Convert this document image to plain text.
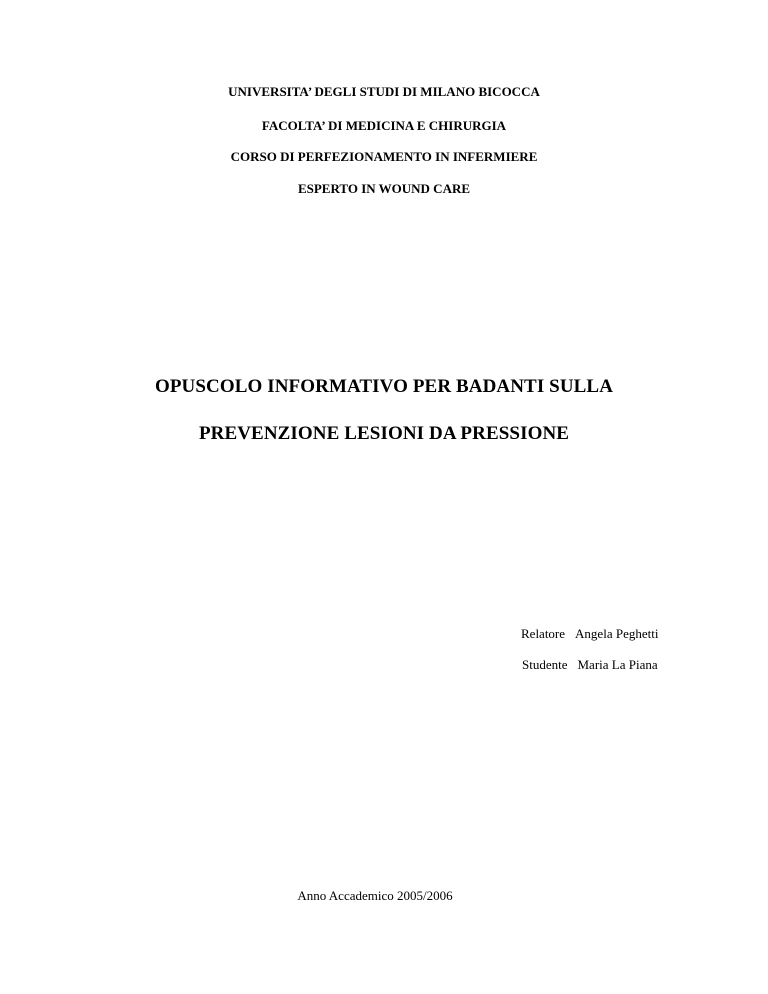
UNIVERSITA’ DEGLI STUDI DI MILANO BICOCCA
FACOLTA’ DI MEDICINA E CHIRURGIA
CORSO DI PERFEZIONAMENTO IN INFERMIERE
ESPERTO IN WOUND CARE
OPUSCOLO INFORMATIVO PER BADANTI SULLA
PREVENZIONE LESIONI DA PRESSIONE
Relatore Angela Peghetti
Studente Maria La Piana
Anno Accademico 2005/2006
